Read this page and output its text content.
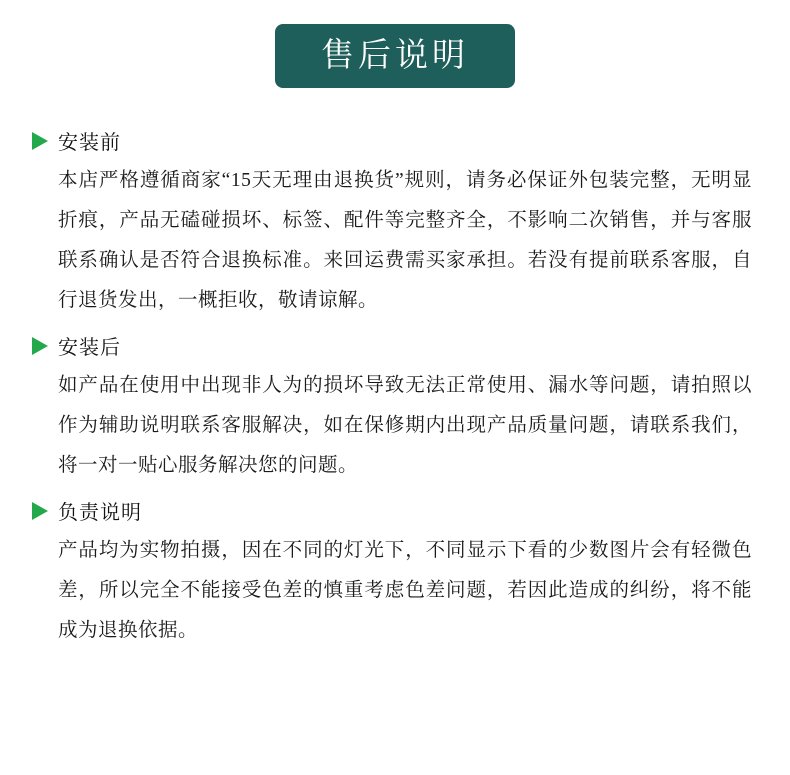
售后说明
安装前
本店严格遵循商家“15天无理由退换货”规则，请务必保证外包装完整，无明显折痕，产品无磕碰损坏、标签、配件等完整齐全，不影响二次销售，并与客服联系确认是否符合退换标准。来回运费需买家承担。若没有提前联系客服，自行退货发出，一概拒收，敬请谅解。
安装后
如产品在使用中出现非人为的损坏导致无法正常使用、漏水等问题，请拍照以作为辅助说明联系客服解决，如在保修期内出现产品质量问题，请联系我们，将一对一贴心服务解决您的问题。
负责说明
产品均为实物拍摄，因在不同的灯光下，不同显示下看的少数图片会有轻微色差，所以完全不能接受色差的慎重考虑色差问题，若因此造成的纠纷，将不能成为退换依据。
